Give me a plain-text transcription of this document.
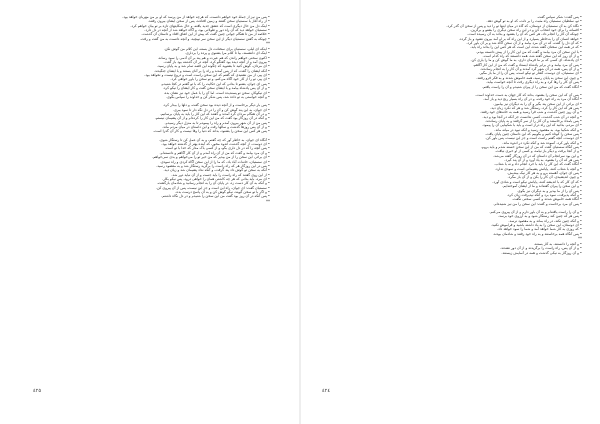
• پس من نیز از جملهٔ خود خواهم دانست، که هرچه خواهد از من پرسد که او بر من مهربان خواهد بود.
• از راه آغاز با سستیان سخن گفتند و زمین افتادند، پس از سخن ایشان بیرون رفتند.
• اینک دل من حال دیگری است که عشق جدید یافته، و حال شکایتهای تازه بر تو بیان خواهم کرد.
• سستیان خواهد دید که آن راه دور و طولانی بود، و آگاه خواهد شد از آنچه در دل دارد.
• خلاصه از من تا هنگام جوانی چنین گفت که پیش از این اتفاق افتاد و داستان آن گذشت.
• چونکه به گفتن سستیان دیگر از این سخن سر نپیچید، و آنچه دانست به من گفت و رفت.
**
• اینکه ای لیلی، سستیان برای سخنانت دل بسته، این کلام من گوش نکن.
• اینک ای دانشمند، بیا تا کلام مرا بشنوی و پرده را برداری.
• اکنون سخنی خواهم راندن که هم عبرت و هم پند بر آن آدمی را سود رساند.
• بیرون آمد و از آنچه دیده بود گفتگو کرد، آنچه در آن گذشته بود باز گفت.
• ای مردان، گوش کنید تا بشنوید که چگونه این قصه تمام شد و به پایان رسید.
• آنکه ایشان را گفت، که از پس آمدند و راه را بر آنان بستند و با ایشان جنگیدند.
• ای پیر، از من نشنیدی که گفتم که این سخن راست است و دروغ نیست و نخواهد بود.
• ای پیر، تو را از کار خود آگاه می‌کنم، و تو سخن را باور خواهی کرد.
• پس ای جوان، بشنو تا بدانی که این حکایت را که با تو گفتم در کجا شنیدم.
• و از آن پس پادشاه بیامد و با ایشان سخن گفت و کار ایشان را نیکو کرد.
• ای نیکوکار، سخن تو پسندیده است، اما آن را با عمل خود نیز نشان بده.
• و آنچه خواستی به تو داده شد، پس شکر کن و خداوند را سپاس بگوی.
• پس بار دیگر برخاست و از آنچه دیده بود سخن گفت، و دلها را بیدار کرد.
• ای جوان، به این پند گوش کن و آن را در دل نگه دار تا سود ببری.
• و در آن هنگام مردان گرد آمدند و گفتند که این کار را باید به پایان برسانیم.
• و آنکه در آن روزگار بود گفت که من این کار را کرده‌ام و از آن پشیمان نیستم.
• پس من از آن شهر بیرون آمدم و راه را پیمودم تا به منزل دیگر رسیدم.
• و از آن پس روزها گذشت و سالها رفت و این داستان در میان مردم ماند.
• پس هر کس این سخن را بشنود، بداند که دنیا را وفا نیست و کار آن گذرا است.
• آنگاه ای جوان، به خاطر آور که چه گفتم، و به آن عمل کن تا رستگار شوی.
• ای دوست، از آنچه گذشت اندوه مخور، که آینده بهتر از گذشته خواهد بود.
• پس آنچه را که در دل داری بگو، و از کسی باک مدار که خدا با تو است.
• و آن مرد بیامد و گفت که من از آن راه آمدم و از آن کار آگاهم و دانسته‌ام.
• ای برادر، این سخن را از من بپذیر که من خیر تو را می‌خواهم و بدی نمی‌خواهم.
• ای سستیان، خانه‌ات آباد باد، که ما را از این سخن آگاه کردی و راه نمودی.
• پس در این روزگار هر که راه راست را برگزید رستگار شد و به مقصود رسید.
• آنکه به سخن تو گوش داد پند گرفت، و آنکه نداد پشیمان شد و زیان دید.
• از این روی گفتند که راه راست را باید جست و از آن نباید دور شد.
• ای مرد، باید بدانی که هر چه کاشتی همان را خواهی درود، پس نیکو بکار.
• و آنکه به آن کار دست زد، در پایان آن را به انجام رسانید و شادمان بازگشت.
• سستیان گفت: ای جوان، راه این است و جز این نیست، پس از آن پیروی کن.
• و اگر با تو سخن گویند، نیکو گوش کن و به آن پاسخ درست بده.
• پس آنکه در آن روز بود گفت من این سخن را شنیدم و در دل نگاه داشتم.
**
٤٢٥
• پس گفت: شکر سپاس گفت.
• تو، سلطیان سستیان راه مثبت را بر دلت، که او به تو گوش دهد.
• نگاه کن به آن سستیان از دوستان، که گاه در میان اینها تو را دید و پس از سخن آن گذر کرد.
• افسانه را برای خود انتخاب کن و در این راه سخن دیگری را بشنو و برگزین.
• چونکه آن کار را انجام داد، هر کس که آن را بشنود و بداند به آن رسیده است.
• خواهد انسان آن را به‌خاطر بسپارد و از این راه که بر او آمد بیرون نشود و باز گردد.
• که آن دل را گفت، که در آن مرد بیامد و از آن سخن آگاه شد و بر آن باور کرد.
• که در همه این سخنان گفته شده، این است که هر کس این را بداند راه یابد.
• با این سخن آن مرد بیامد و گفت که من این کار را از پیش دانسته بودم.
• و از آن روز که این سخن گفته شد، همه دانستند که راه کدام است.
• ای پادشاه، ای کسی که بر ما فرمان داری، به ما گوش کن و ما را یاری کن.
• پس آن مرد بیامد و در برابر پادشاه ایستاد و گفت که من از این کار آگاهم.
• و از آن پس، همه در آن شهر گرد آمدند و آن کار را به انجام رساندند.
• ای سستیان، ای دوست، گفتار تو نیکو است، پس آن را از ما باز مگیر.
• و چون این سخن به پایان رسید، همه خاموش شدند و به فکر فرو رفتند.
• پس آن کار را رها کرد و به راه دیگری رفت تا آنچه خواست بیابد.
• آنگاه گفت که من این سخن را از پیران شنیدم و آن را راست یافتم.
• پس آن که این سخن را بشنود، بداند که کار جهان به دست خداوند است.
• آنگاه آن مرد به راه خود رفت، و در آن راه بسیار رنج دید و باز آمد.
• ای برادر، از این سخن پند بگیر و آن را به دیگران نیز بیاموز.
• پس هر که این کار را کرد، رستگار شد و هر که نکرد زیان دید.
• و آن روز چنین گذشت و شب فرا رسید و همه به خانه‌های خود رفتند.
• و آنچه در آن شب گذشت، کسی ندانست جز آنکه در آنجا بود و دید.
• پس بامداد برخاستند و آن کار را از سر گرفتند و به پایان رساندند.
• ای مردم، بدانید که این راه دراز است و باید با شکیبایی آن را پیمود.
• و آنکه شکیبا بود، به مقصود رسید و آنکه نبود در میانه ماند.
• پس سخن را کوتاه کنیم و بگوییم که این داستان چنین پایان یافت.
• ای دوست، آنچه گفتم راست است و جز این نیست، پس باور کن.
• و آنکه باور کرد، آسوده شد و آنکه نکرد در اندوه ماند.
• پس آنگاه سستیان گفت که من از این سخن خسته شدم و باید بروم.
• و از آنجا برفت و دیگر باز نیامد، و کسی از او خبری نیافت.
• و این بود سرانجام آن داستان که در آن روزگار گفته می‌شد.
• پس هر که آن را بشنود، به یاد آورد و از آن پند گیرد.
• آنگاه گفت که این کار را باید با خرد انجام داد و نه با شتاب.
• و آنچه با شتاب کنند، پایانش پشیمانی است و سودی ندارد.
• پس ای جوان، آهسته برو و به هر کار نیک بیندیش.
• و چون اندیشیدی، آن کار را بکن و از آن باز مگرد.
• که آن کار که با اندیشه کنند، پایانش نیکو است و شادی آورد.
• و این سخن را پیران گفته‌اند و ما از ایشان آموخته‌ایم.
• پس آن را از ما بپذیر و به دیگران نیز بگوی.
• و آنکه پذیرفت، سود برد و آنکه نپذیرفت زیان کرد.
• آنگاه همه خاموش شدند و کسی سخنی نگفت.
• پس آن مرد برخاست و گفت: این سخن را من نیز شنیده‌ام.
• و آن را راست یافته‌ام و به آن باور دارم و از آن پیروی می‌کنم.
• پس هر که چنین کند رستگار شود و به آرزوی خود برسد.
• و آنکه چنین نکند، در راه بماند و به مقصود نرسد.
• ای دوستان، این سخن را به یاد داشته باشید و فراموش نکنید.
• که روزی به کار شما خواهد آمد و شما را سود خواهد داد.
• پس آنگاه همه برخاستند و به راه خود رفتند و شادمان بودند.
**
• و آنچه را دانستند، به کار بستند.
• و از آن پس، راه راست را برگزیدند و از آن دور نشدند.
• و آن روزگار به نیکی گذشت و همه در آسایش زیستند.
٤٢٤
